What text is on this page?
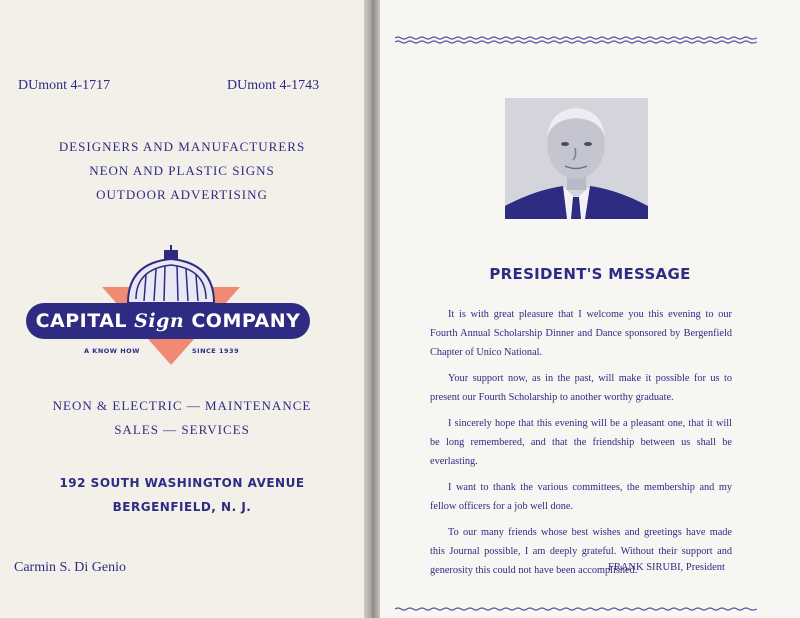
DUmont 4-1717	DUmont 4-1743
DESIGNERS AND MANUFACTURERS
NEON AND PLASTIC SIGNS
OUTDOOR ADVERTISING
CAPITAL Sign COMPANY
A KNOW HOW	SINCE 1939
NEON & ELECTRIC — MAINTENANCE
SALES — SERVICES
192 SOUTH WASHINGTON AVENUE
BERGENFIELD, N. J.
Carmin S. Di Genio
PRESIDENT'S MESSAGE

It is with great pleasure that I welcome you this evening to our Fourth Annual Scholarship Dinner and Dance sponsored by Bergenfield Chapter of Unico National.

Your support now, as in the past, will make it possible for us to present our Fourth Scholarship to another worthy graduate.

I sincerely hope that this evening will be a pleasant one, that it will be long remembered, and that the friendship between us shall be everlasting.

I want to thank the various committees, the membership and my fellow officers for a job well done.

To our many friends whose best wishes and greetings have made this Journal possible, I am deeply grateful. Without their support and generosity this could not have been accomplished.

FRANK SIRUBI, President
